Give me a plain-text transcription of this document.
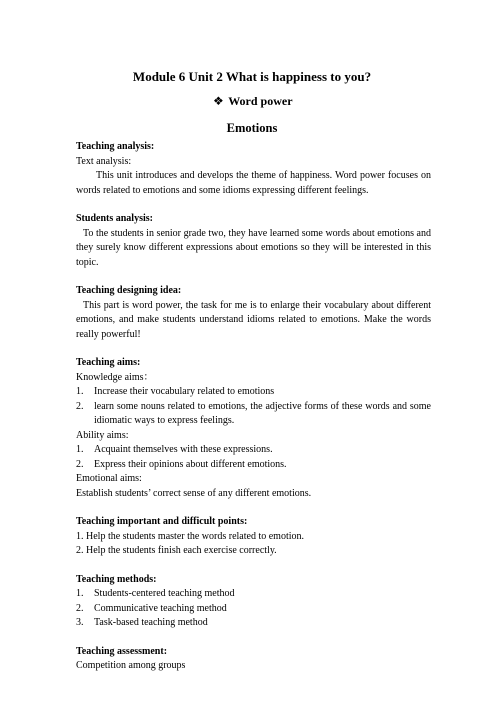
Module 6 Unit 2 What is happiness to you?
❖ Word power
Emotions

Teaching analysis:

Text analysis:

This unit introduces and develops the theme of happiness. Word power focuses on words related to emotions and some idioms expressing different feelings.

Students analysis:

To the students in senior grade two, they have learned some words about emotions and they surely know different expressions about emotions so they will be interested in this topic.

Teaching designing idea:

This part is word power, the task for me is to enlarge their vocabulary about different emotions, and make students understand idioms related to emotions. Make the words really powerful!

Teaching aims:

Knowledge aims：

1. Increase their vocabulary related to emotions
2. learn some nouns related to emotions, the adjective forms of these words and some idiomatic ways to express feelings.

Ability aims:

1. Acquaint themselves with these expressions.
2. Express their opinions about different emotions.

Emotional aims:

Establish students’ correct sense of any different emotions.

Teaching important and difficult points:

1. Help the students master the words related to emotion.

2. Help the students finish each exercise correctly.

Teaching methods:

1. Students-centered teaching method
2. Communicative teaching method
3. Task-based teaching method

Teaching assessment:

Competition among groups
